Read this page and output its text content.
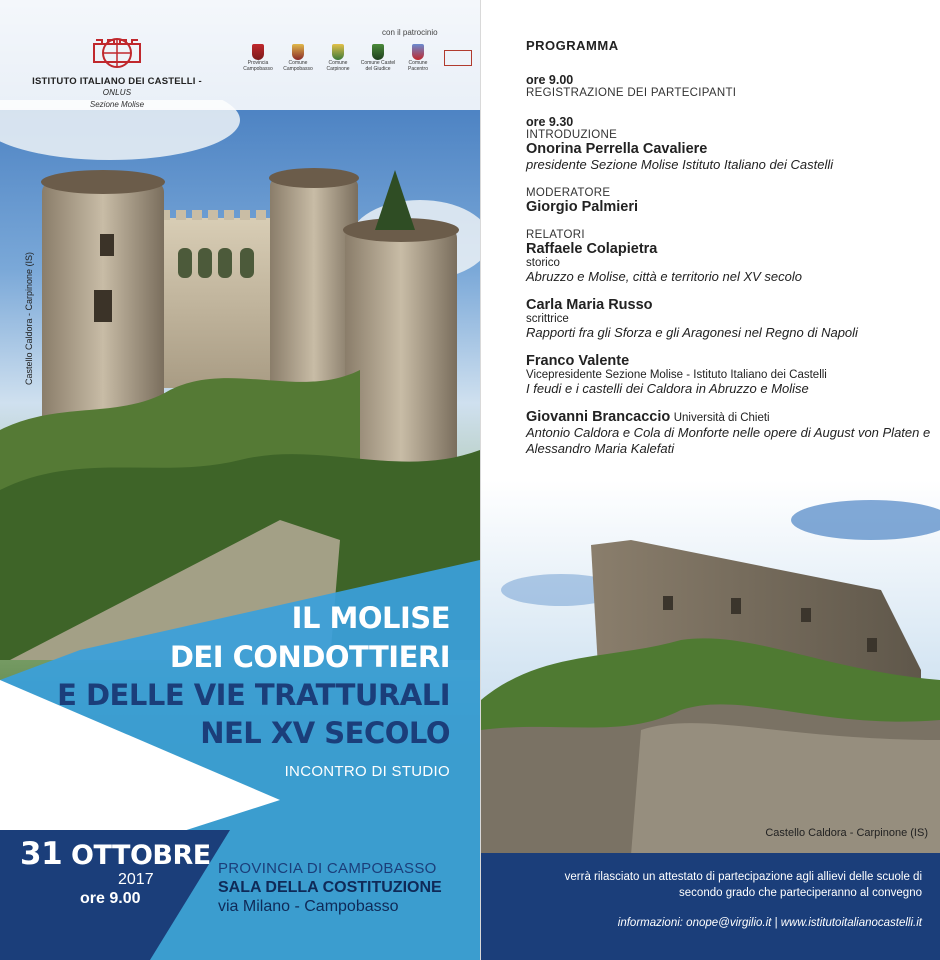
ISTITUTO ITALIANO DEI CASTELLI - ONLUS
Sezione Molise
con il patrocinio
Provincia Campobasso
Comune Campobasso
Comune Carpinone
Comune Castel del Giudice
Comune Pacentro
Castello Caldora - Carpinone (IS)
IL MOLISE
DEI CONDOTTIERI
E DELLE VIE TRATTURALI
NEL XV SECOLO
INCONTRO DI STUDIO
31 OTTOBRE
2017
ore 9.00
PROVINCIA DI CAMPOBASSO
SALA DELLA COSTITUZIONE
via Milano - Campobasso
PROGRAMMA
ore 9.00
REGISTRAZIONE DEI PARTECIPANTI
ore 9.30
INTRODUZIONE
Onorina Perrella Cavaliere
presidente Sezione Molise Istituto Italiano dei Castelli
MODERATORE
Giorgio Palmieri
RELATORI
Raffaele Colapietra
storico
Abruzzo e Molise, città e territorio nel XV secolo
Carla Maria Russo
scrittrice
Rapporti fra gli Sforza e gli Aragonesi nel Regno di Napoli
Franco Valente
Vicepresidente Sezione Molise - Istituto Italiano dei Castelli
I feudi e i castelli dei Caldora in Abruzzo e Molise
Giovanni Brancaccio Università di Chieti
Antonio Caldora e Cola di Monforte nelle opere di August von Platen e Alessandro Maria Kalefati
Castello Caldora - Carpinone (IS)
verrà rilasciato un attestato di partecipazione agli allievi delle scuole di secondo grado che parteciperanno al convegno
informazioni: onope@virgilio.it | www.istitutoitalianocastelli.it
